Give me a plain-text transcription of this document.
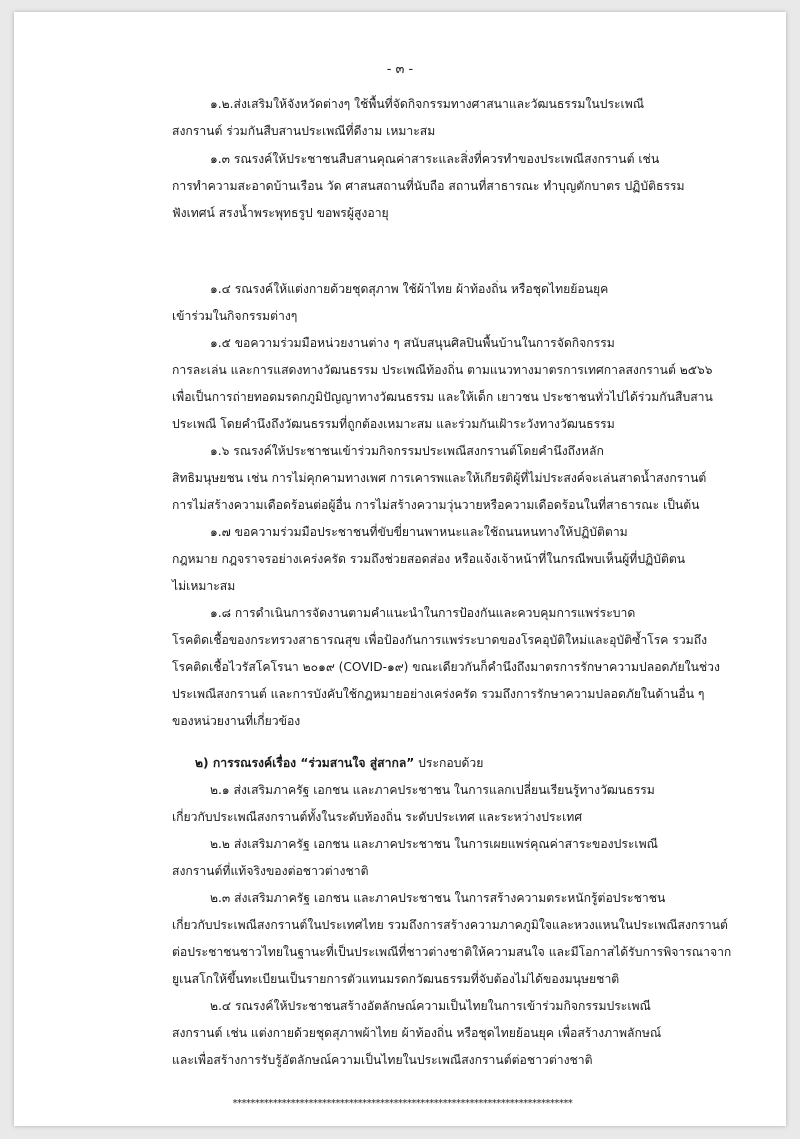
- ๓ -
๑.๒.ส่งเสริมให้จังหวัดต่างๆ ใช้พื้นที่จัดกิจกรรมทางศาสนาและวัฒนธรรมในประเพณี
สงกรานต์ ร่วมกันสืบสานประเพณีที่ดีงาม เหมาะสม
๑.๓ รณรงค์ให้ประชาชนสืบสานคุณค่าสาระและสิ่งที่ควรทำของประเพณีสงกรานต์ เช่น
การทำความสะอาดบ้านเรือน วัด ศาสนสถานที่นับถือ สถานที่สาธารณะ ทำบุญตักบาตร ปฏิบัติธรรม
ฟังเทศน์ สรงน้ำพระพุทธรูป ขอพรผู้สูงอายุ
๑.๔ รณรงค์ให้แต่งกายด้วยชุดสุภาพ ใช้ผ้าไทย ผ้าท้องถิ่น หรือชุดไทยย้อนยุค
เข้าร่วมในกิจกรรมต่างๆ
๑.๕ ขอความร่วมมือหน่วยงานต่าง ๆ สนับสนุนศิลปินพื้นบ้านในการจัดกิจกรรม
การละเล่น และการแสดงทางวัฒนธรรม ประเพณีท้องถิ่น ตามแนวทางมาตรการเทศกาลสงกรานต์ ๒๕๖๖
เพื่อเป็นการถ่ายทอดมรดกภูมิปัญญาทางวัฒนธรรม และให้เด็ก เยาวชน ประชาชนทั่วไปได้ร่วมกันสืบสาน
ประเพณี โดยคำนึงถึงวัฒนธรรมที่ถูกต้องเหมาะสม และร่วมกันเฝ้าระวังทางวัฒนธรรม
๑.๖ รณรงค์ให้ประชาชนเข้าร่วมกิจกรรมประเพณีสงกรานต์โดยคำนึงถึงหลัก
สิทธิมนุษยชน เช่น การไม่คุกคามทางเพศ การเคารพและให้เกียรติผู้ที่ไม่ประสงค์จะเล่นสาดน้ำสงกรานต์
การไม่สร้างความเดือดร้อนต่อผู้อื่น การไม่สร้างความวุ่นวายหรือความเดือดร้อนในที่สาธารณะ เป็นต้น
๑.๗ ขอความร่วมมือประชาชนที่ขับขี่ยานพาหนะและใช้ถนนหนทางให้ปฏิบัติตาม
กฎหมาย กฎจราจรอย่างเคร่งครัด รวมถึงช่วยสอดส่อง หรือแจ้งเจ้าหน้าที่ในกรณีพบเห็นผู้ที่ปฏิบัติตน
ไม่เหมาะสม
๑.๘ การดำเนินการจัดงานตามคำแนะนำในการป้องกันและควบคุมการแพร่ระบาด
โรคติดเชื้อของกระทรวงสาธารณสุข เพื่อป้องกันการแพร่ระบาดของโรคอุบัติใหม่และอุบัติซ้ำโรค รวมถึง
โรคติดเชื้อไวรัสโคโรนา ๒๐๑๙ (COVID-๑๙) ขณะเดียวกันก็คำนึงถึงมาตรการรักษาความปลอดภัยในช่วง
ประเพณีสงกรานต์ และการบังคับใช้กฎหมายอย่างเคร่งครัด รวมถึงการรักษาความปลอดภัยในด้านอื่น ๆ
ของหน่วยงานที่เกี่ยวข้อง
๒) การรณรงค์เรื่อง “ร่วมสานใจ สู่สากล” ประกอบด้วย
๒.๑ ส่งเสริมภาครัฐ เอกชน และภาคประชาชน ในการแลกเปลี่ยนเรียนรู้ทางวัฒนธรรม
เกี่ยวกับประเพณีสงกรานต์ทั้งในระดับท้องถิ่น ระดับประเทศ และระหว่างประเทศ
๒.๒ ส่งเสริมภาครัฐ เอกชน และภาคประชาชน ในการเผยแพร่คุณค่าสาระของประเพณี
สงกรานต์ที่แท้จริงของต่อชาวต่างชาติ
๒.๓ ส่งเสริมภาครัฐ เอกชน และภาคประชาชน ในการสร้างความตระหนักรู้ต่อประชาชน
เกี่ยวกับประเพณีสงกรานต์ในประเทศไทย รวมถึงการสร้างความภาคภูมิใจและหวงแหนในประเพณีสงกรานต์
ต่อประชาชนชาวไทยในฐานะที่เป็นประเพณีที่ชาวต่างชาติให้ความสนใจ และมีโอกาสได้รับการพิจารณาจาก
ยูเนสโกให้ขึ้นทะเบียนเป็นรายการตัวแทนมรดกวัฒนธรรมที่จับต้องไม่ได้ของมนุษยชาติ
๒.๔ รณรงค์ให้ประชาชนสร้างอัตลักษณ์ความเป็นไทยในการเข้าร่วมกิจกรรมประเพณี
สงกรานต์ เช่น แต่งกายด้วยชุดสุภาพผ้าไทย ผ้าท้องถิ่น หรือชุดไทยย้อนยุค เพื่อสร้างภาพลักษณ์
และเพื่อสร้างการรับรู้อัตลักษณ์ความเป็นไทยในประเพณีสงกรานต์ต่อชาวต่างชาติ
****************************************************************************
